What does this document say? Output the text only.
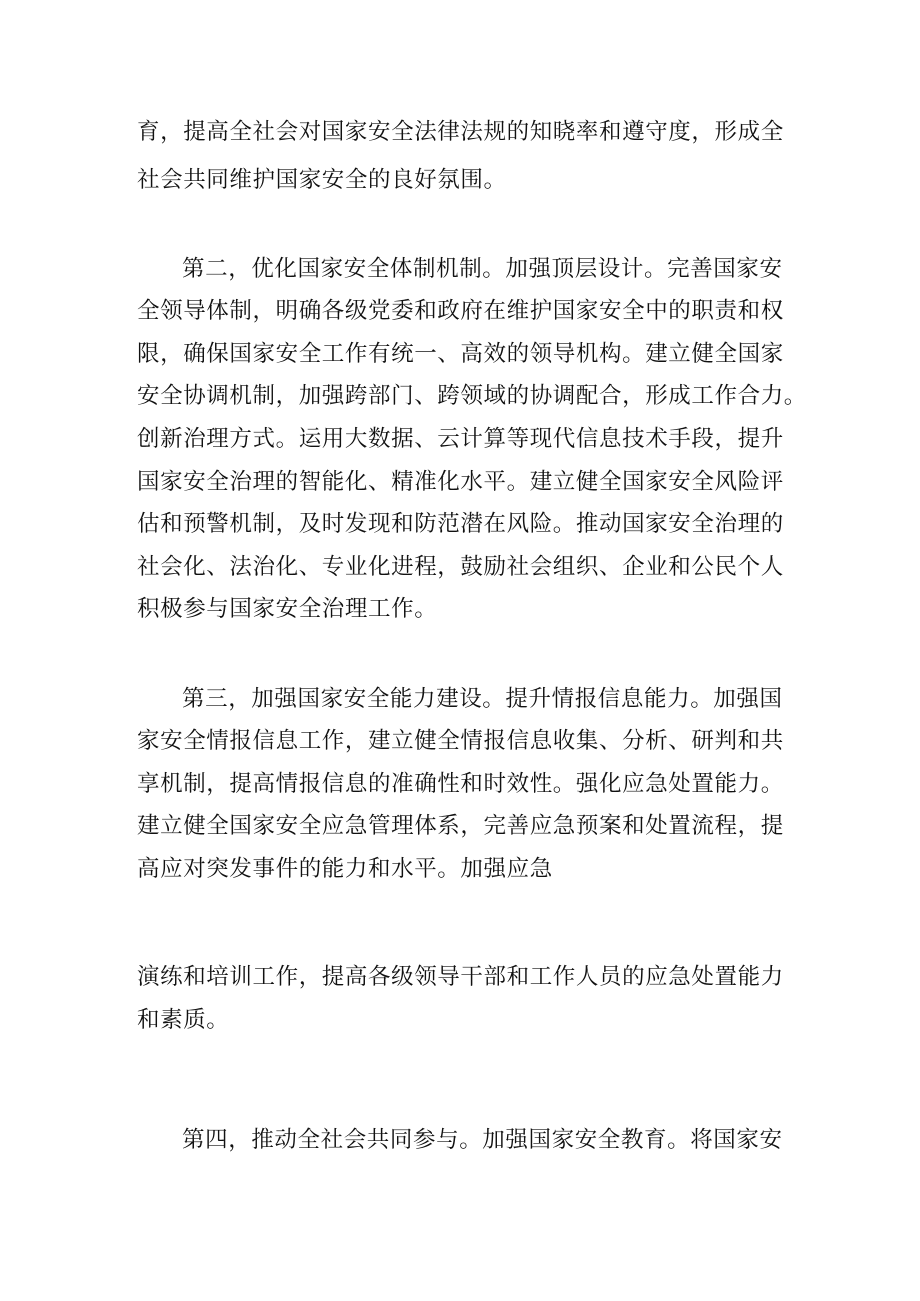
育，提高全社会对国家安全法律法规的知晓率和遵守度，形成全
社会共同维护国家安全的良好氛围。
第二，优化国家安全体制机制。加强顶层设计。完善国家安
全领导体制，明确各级党委和政府在维护国家安全中的职责和权
限，确保国家安全工作有统一、高效的领导机构。建立健全国家
安全协调机制，加强跨部门、跨领域的协调配合，形成工作合力。
创新治理方式。运用大数据、云计算等现代信息技术手段，提升
国家安全治理的智能化、精准化水平。建立健全国家安全风险评
估和预警机制，及时发现和防范潜在风险。推动国家安全治理的
社会化、法治化、专业化进程，鼓励社会组织、企业和公民个人
积极参与国家安全治理工作。
第三，加强国家安全能力建设。提升情报信息能力。加强国
家安全情报信息工作，建立健全情报信息收集、分析、研判和共
享机制，提高情报信息的准确性和时效性。强化应急处置能力。
建立健全国家安全应急管理体系，完善应急预案和处置流程，提
高应对突发事件的能力和水平。加强应急
演练和培训工作，提高各级领导干部和工作人员的应急处置能力
和素质。
第四，推动全社会共同参与。加强国家安全教育。将国家安
